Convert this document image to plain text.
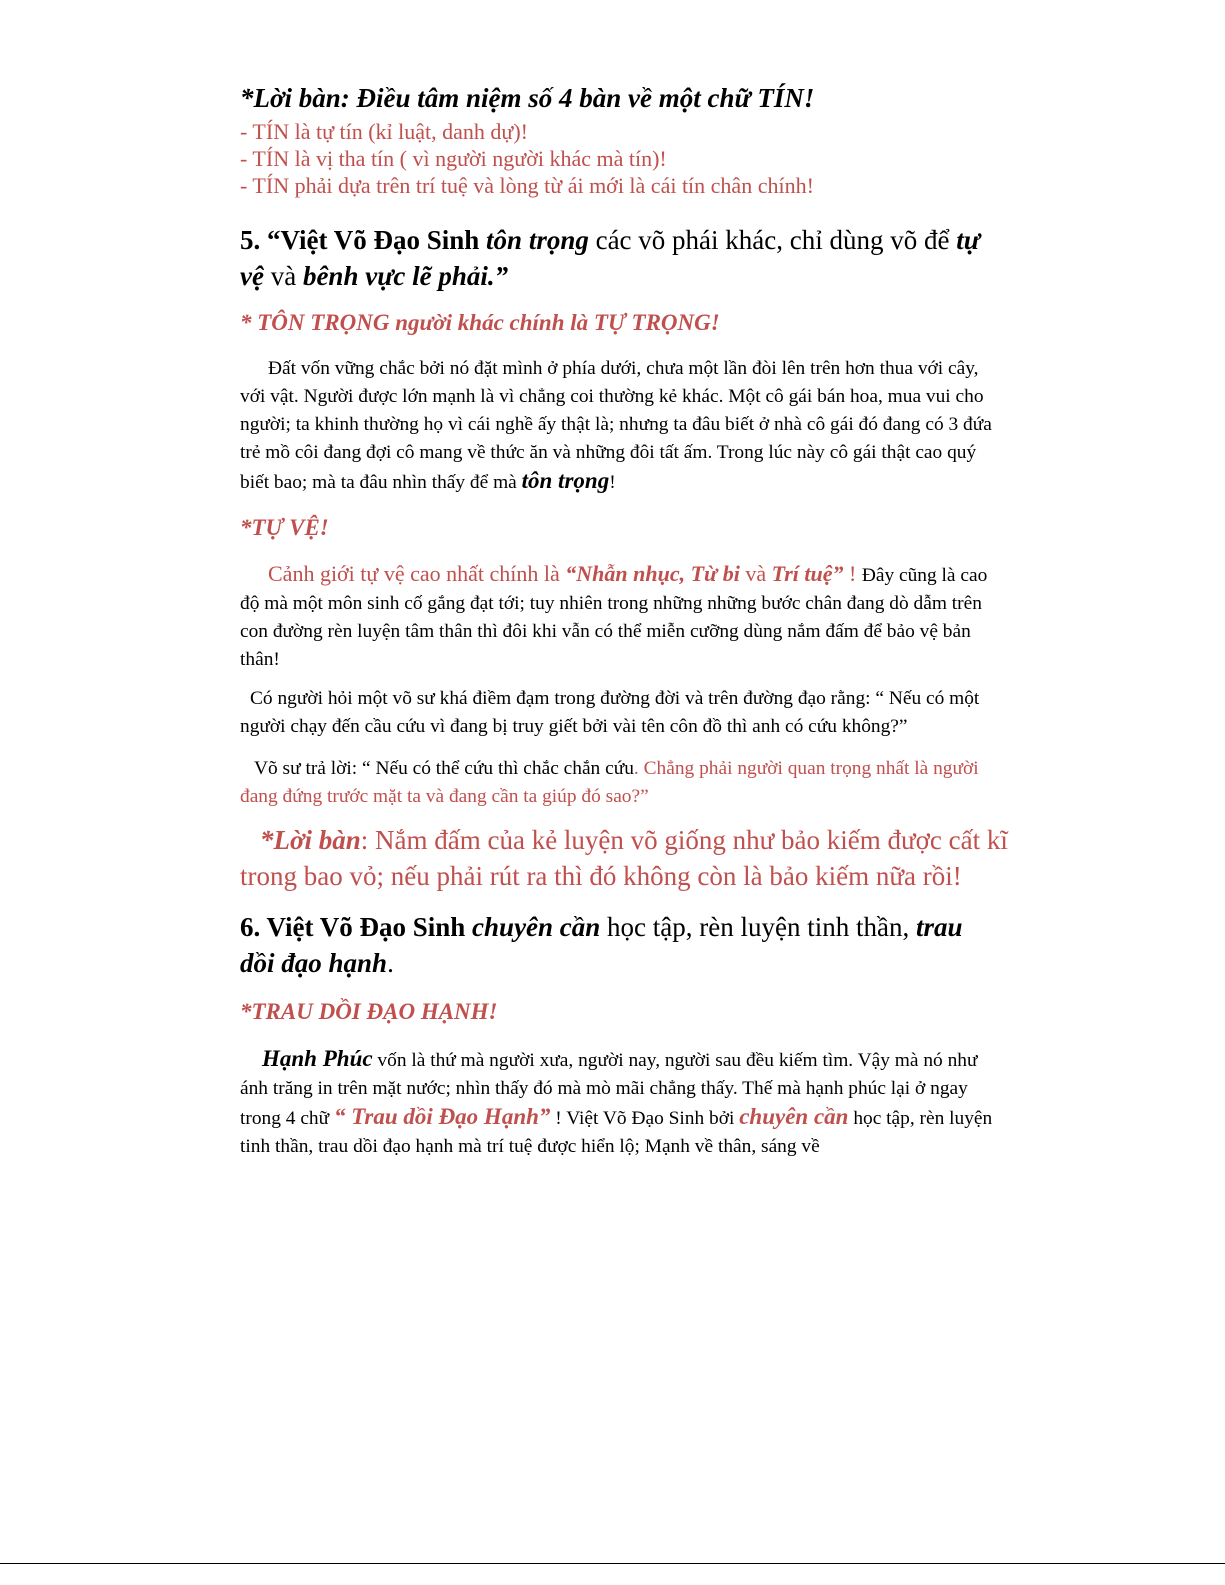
*Lời bàn: Điều tâm niệm số 4 bàn về một chữ TÍN!

- TÍN là tự tín (kỉ luật, danh dự)!
- TÍN là vị tha tín ( vì người người khác mà tín)!
- TÍN phải dựa trên trí tuệ và lòng từ ái mới là cái tín chân chính!

5. “Việt Võ Đạo Sinh tôn trọng các võ phái khác, chỉ dùng võ để tự vệ và bênh vực lẽ phải.”

* TÔN TRỌNG người khác chính là TỰ TRỌNG!

Đất vốn vững chắc bởi nó đặt mình ở phía dưới, chưa một lần đòi lên trên hơn thua với cây, với vật. Người được lớn mạnh là vì chẳng coi thường kẻ khác. Một cô gái bán hoa, mua vui cho người; ta khinh thường họ vì cái nghề ấy thật là; nhưng ta đâu biết ở nhà cô gái đó đang có 3 đứa trẻ mồ côi đang đợi cô mang về thức ăn và những đôi tất ấm. Trong lúc này cô gái thật cao quý biết bao; mà ta đâu nhìn thấy để mà tôn trọng!

*TỰ VỆ!

Cảnh giới tự vệ cao nhất chính là “Nhẫn nhục, Từ bi và Trí tuệ” ! Đây cũng là cao độ mà một môn sinh cố gắng đạt tới; tuy nhiên trong những những bước chân đang dò dẫm trên con đường rèn luyện tâm thân thì đôi khi vẫn có thể miễn cưỡng dùng nắm đấm để bảo vệ bản thân!

Có người hỏi một võ sư khá điềm đạm trong đường đời và trên đường đạo rằng: “ Nếu có một người chạy đến cầu cứu vì đang bị truy giết bởi vài tên côn đồ thì anh có cứu không?”

Võ sư trả lời: “ Nếu có thể cứu thì chắc chắn cứu. Chẳng phải người quan trọng nhất là người đang đứng trước mặt ta và đang cần ta giúp đó sao?”

*Lời bàn: Nắm đấm của kẻ luyện võ giống như bảo kiếm được cất kĩ trong bao vỏ; nếu phải rút ra thì đó không còn là bảo kiếm nữa rồi!

6. Việt Võ Đạo Sinh chuyên cần học tập, rèn luyện tinh thần, trau dồi đạo hạnh.

*TRAU DỒI ĐẠO HẠNH!

Hạnh Phúc vốn là thứ mà người xưa, người nay, người sau đều kiếm tìm. Vậy mà nó như ánh trăng in trên mặt nước; nhìn thấy đó mà mò mãi chẳng thấy. Thế mà hạnh phúc lại ở ngay trong 4 chữ “ Trau dồi Đạo Hạnh” ! Việt Võ Đạo Sinh bởi chuyên cần học tập, rèn luyện tinh thần, trau dồi đạo hạnh mà trí tuệ được hiển lộ; Mạnh về thân, sáng về
